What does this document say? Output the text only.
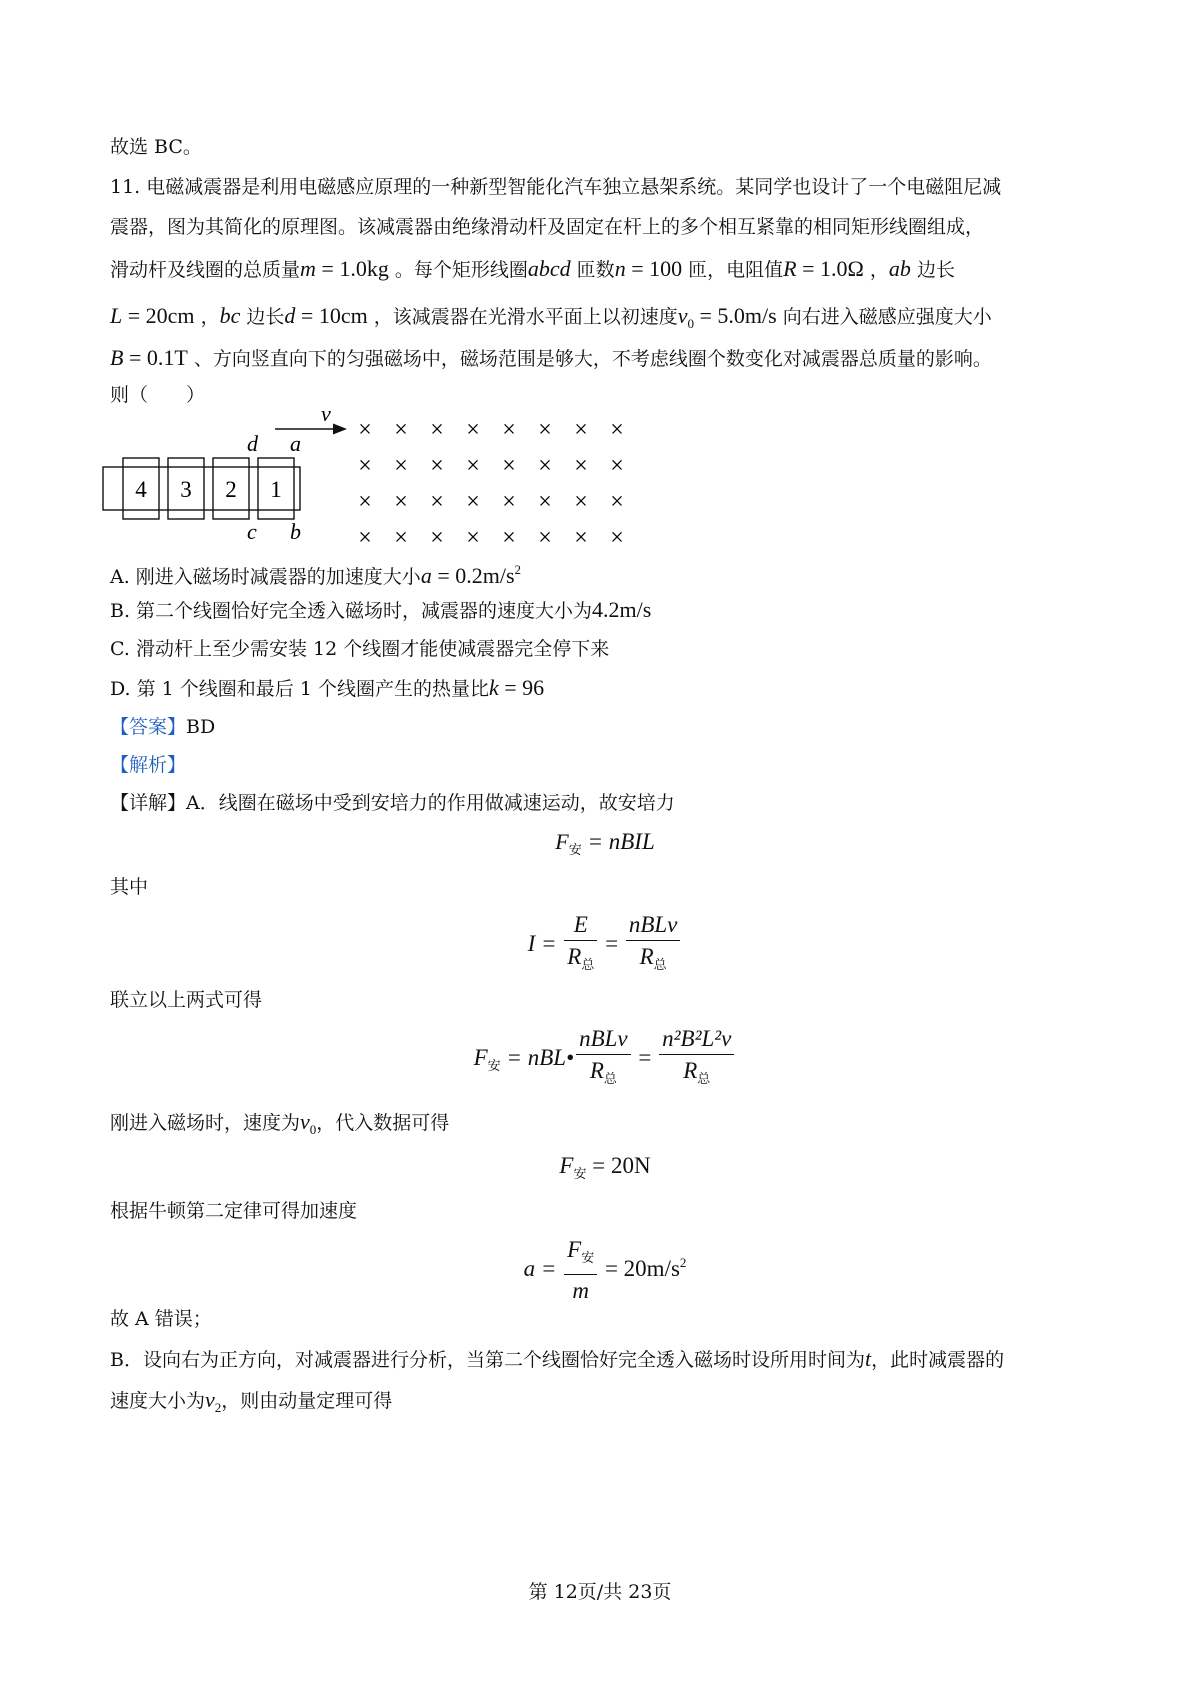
故选 BC。
11. 电磁减震器是利用电磁感应原理的一种新型智能化汽车独立悬架系统。某同学也设计了一个电磁阻尼减
震器，图为其简化的原理图。该减震器由绝缘滑动杆及固定在杆上的多个相互紧靠的相同矩形线圈组成，
滑动杆及线圈的总质量m = 1.0kg 。每个矩形线圈abcd 匝数n = 100 匝，电阻值R = 1.0Ω ，ab 边长
L = 20cm ，bc 边长d = 10cm ，该减震器在光滑水平面上以初速度$v_0 = 5.0m/s$ 向右进入磁感应强度大小
B = 0.1T 、方向竖直向下的匀强磁场中，磁场范围是够大，不考虑线圈个数变化对减震器总质量的影响。
则（　　）
v
d a
c b
4 3 2 1
× × × × × × × ×
× × × × × × × ×
× × × × × × × ×
× × × × × × × ×
A. 刚进入磁场时减震器的加速度大小$a = 0.2m/s^2$
B. 第二个线圈恰好完全透入磁场时，减震器的速度大小为4.2m/s
C. 滑动杆上至少需安装 12 个线圈才能使减震器完全停下来
D. 第 1 个线圈和最后 1 个线圈产生的热量比k = 96
【答案】BD
【解析】
【详解】A．线圈在磁场中受到安培力的作用做减速运动，故安培力
$F_安$ = nBIL
其中
$I = \frac{E}{R_总} = \frac{\text{nBLv}}{R_总}$
联立以上两式可得
$F_安$ = nBL• $\frac{\text{nBLv}}{R_总} = \frac{\text{n²B²L²v}}{R_总}$
刚进入磁场时，速度为$v_0$，代入数据可得
$F_安 = 20N$
根据牛顿第二定律可得加速度
$a = \frac{F_安}{m} = 20m/s^2$
故 A 错误；
B．设向右为正方向，对减震器进行分析，当第二个线圈恰好完全透入磁场时设所用时间为t，此时减震器的
速度大小为$v_2$，则由动量定理可得
第 12页/共 23页
